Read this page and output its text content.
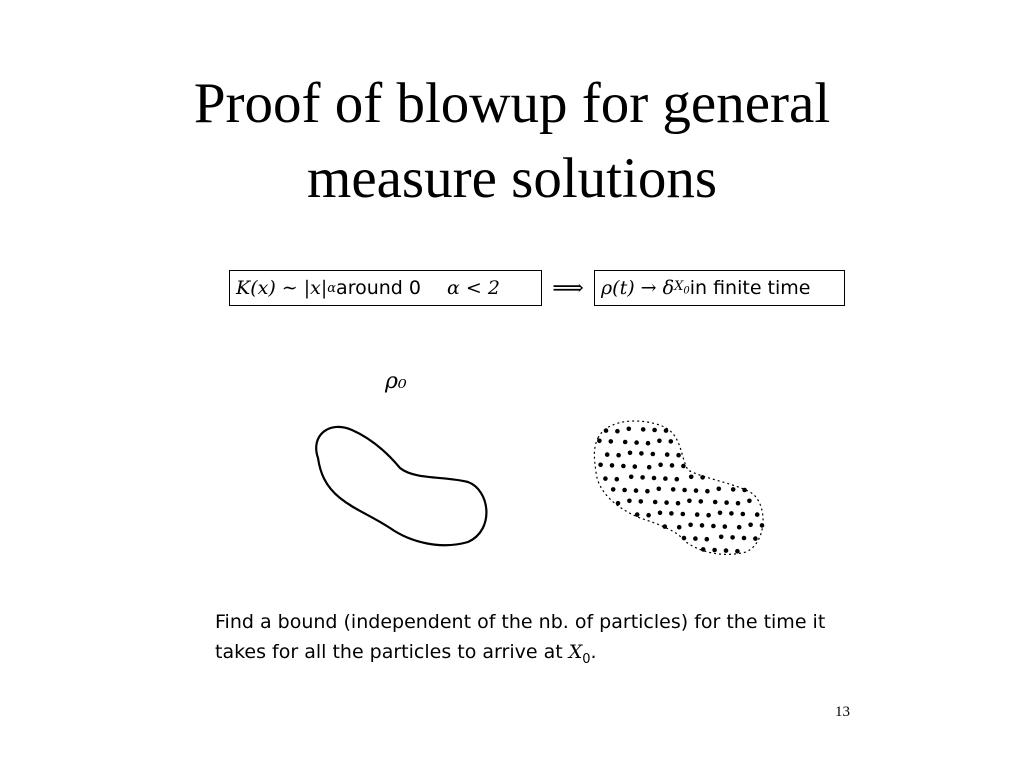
Proof of blowup for general
measure solutions
K(x) ∼ |x| α around 0 α < 2	⟹ ρ(t) → δ $X_0$ in finite time
ρ₀

Find a bound (independent of the nb. of particles) for the time it

takes for all the particles to arrive at $X_0$.

13
